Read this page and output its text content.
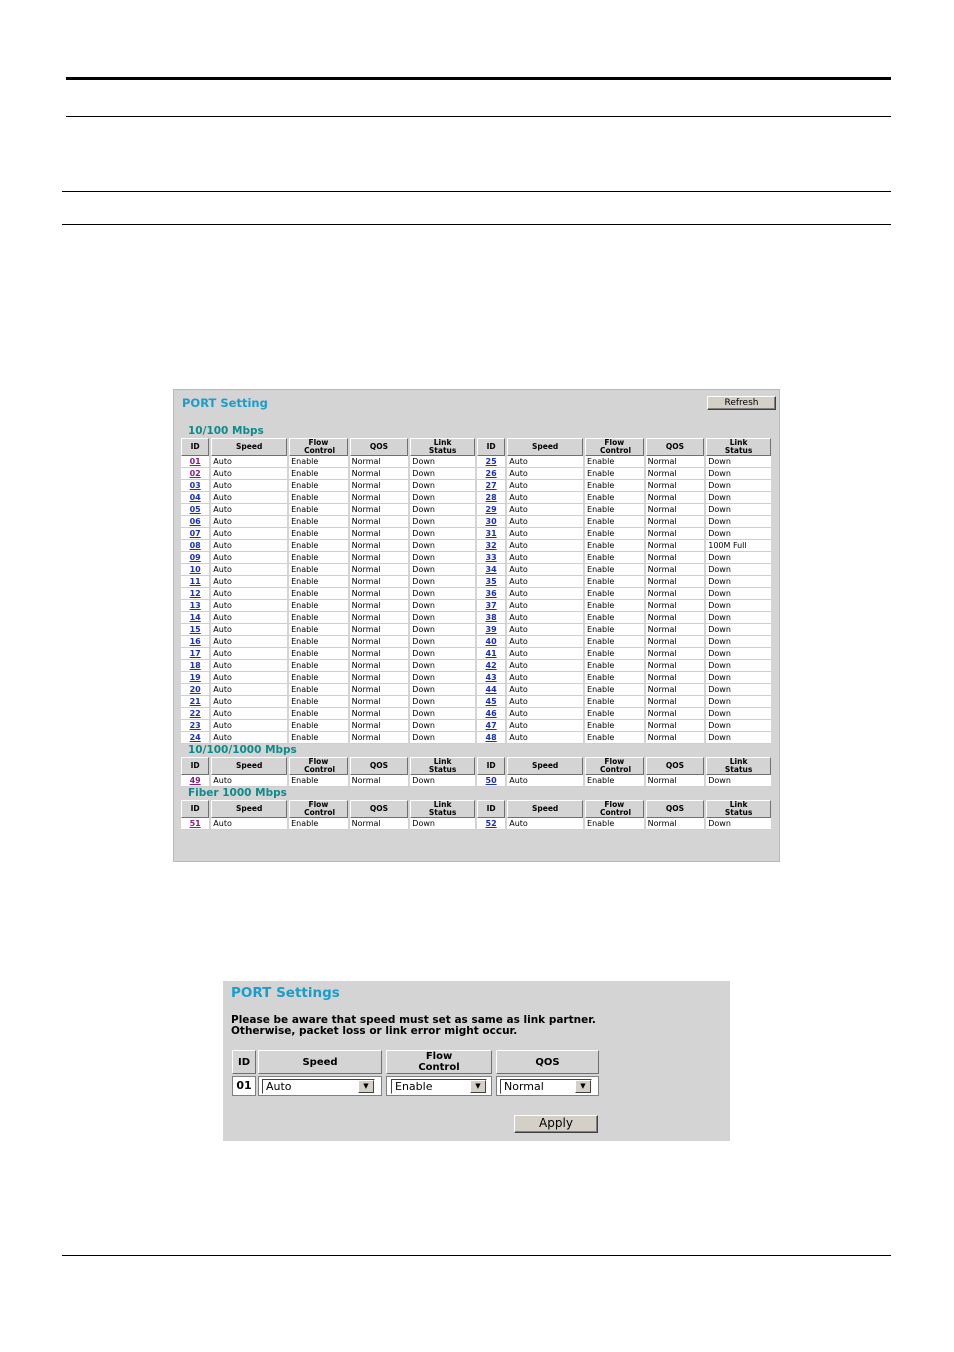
PORT Setting	Refresh
10/100 Mbps
ID	Speed	Flow Control	QOS	Link Status	ID	Speed	Flow Control	QOS	Link Status
01	Auto	Enable	Normal	Down	25	Auto	Enable	Normal	Down
02	Auto	Enable	Normal	Down	26	Auto	Enable	Normal	Down
03	Auto	Enable	Normal	Down	27	Auto	Enable	Normal	Down
04	Auto	Enable	Normal	Down	28	Auto	Enable	Normal	Down
05	Auto	Enable	Normal	Down	29	Auto	Enable	Normal	Down
06	Auto	Enable	Normal	Down	30	Auto	Enable	Normal	Down
07	Auto	Enable	Normal	Down	31	Auto	Enable	Normal	Down
08	Auto	Enable	Normal	Down	32	Auto	Enable	Normal	100M Full
09	Auto	Enable	Normal	Down	33	Auto	Enable	Normal	Down
10	Auto	Enable	Normal	Down	34	Auto	Enable	Normal	Down
11	Auto	Enable	Normal	Down	35	Auto	Enable	Normal	Down
12	Auto	Enable	Normal	Down	36	Auto	Enable	Normal	Down
13	Auto	Enable	Normal	Down	37	Auto	Enable	Normal	Down
14	Auto	Enable	Normal	Down	38	Auto	Enable	Normal	Down
15	Auto	Enable	Normal	Down	39	Auto	Enable	Normal	Down
16	Auto	Enable	Normal	Down	40	Auto	Enable	Normal	Down
17	Auto	Enable	Normal	Down	41	Auto	Enable	Normal	Down
18	Auto	Enable	Normal	Down	42	Auto	Enable	Normal	Down
19	Auto	Enable	Normal	Down	43	Auto	Enable	Normal	Down
20	Auto	Enable	Normal	Down	44	Auto	Enable	Normal	Down
21	Auto	Enable	Normal	Down	45	Auto	Enable	Normal	Down
22	Auto	Enable	Normal	Down	46	Auto	Enable	Normal	Down
23	Auto	Enable	Normal	Down	47	Auto	Enable	Normal	Down
24	Auto	Enable	Normal	Down	48	Auto	Enable	Normal	Down
10/100/1000 Mbps
ID	Speed	Flow Control	QOS	Link Status	ID	Speed	Flow Control	QOS	Link Status
49	Auto	Enable	Normal	Down	50	Auto	Enable	Normal	Down
Fiber 1000 Mbps
ID	Speed	Flow Control	QOS	Link Status	ID	Speed	Flow Control	QOS	Link Status
51	Auto	Enable	Normal	Down	52	Auto	Enable	Normal	Down
PORT Settings
Please be aware that speed must set as same as link partner.
Otherwise, packet loss or link error might occur.
ID	Speed	Flow Control	QOS
01	Auto	▼	Enable	▼	Normal	▼
Apply
